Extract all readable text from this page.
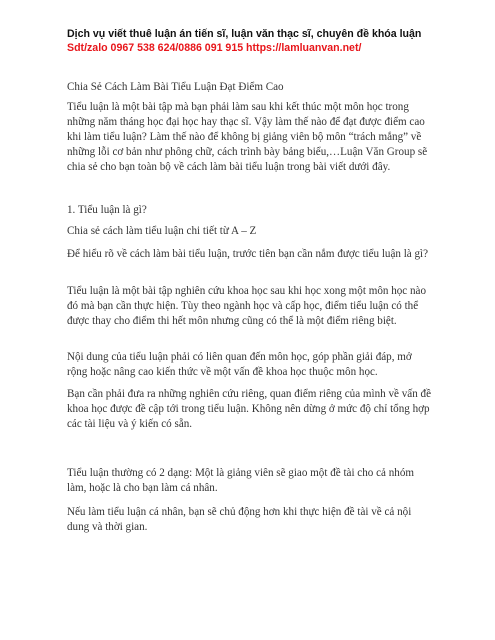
Dịch vụ viết thuê luận án tiến sĩ, luận văn thạc sĩ, chuyên đề khóa luận
Sdt/zalo 0967 538 624/0886 091 915 https://lamluanvan.net/

Chia Sẻ Cách Làm Bài Tiểu Luận Đạt Điểm Cao

Tiểu luận là một bài tập mà bạn phải làm sau khi kết thúc một môn học trong những năm tháng học đại học hay thạc sĩ. Vậy làm thế nào để đạt được điểm cao khi làm tiểu luận? Làm thế nào để không bị giảng viên bộ môn “trách mắng” về những lỗi cơ bản như phông chữ, cách trình bày bảng biểu,…Luận Văn Group sẽ chia sẻ cho bạn toàn bộ về cách làm bài tiểu luận trong bài viết dưới đây.

1. Tiểu luận là gì?

Chia sẻ cách làm tiểu luận chi tiết từ A – Z

Để hiểu rõ về cách làm bài tiểu luận, trước tiên bạn cần nắm được tiểu luận là gì?

Tiểu luận là một bài tập nghiên cứu khoa học sau khi học xong một môn học nào đó mà bạn cần thực hiện. Tùy theo ngành học và cấp học, điểm tiểu luận có thể được thay cho điểm thi hết môn nhưng cũng có thể là một điểm riêng biệt.

Nội dung của tiểu luận phải có liên quan đến môn học, góp phần giải đáp, mở rộng hoặc nâng cao kiến thức về một vấn đề khoa học thuộc môn học.

Bạn cần phải đưa ra những nghiên cứu riêng, quan điểm riêng của mình về vấn đề khoa học được đề cập tới trong tiểu luận. Không nên dừng ở mức độ chỉ tổng hợp các tài liệu và ý kiến có sẵn.

Tiểu luận thường có 2 dạng: Một là giảng viên sẽ giao một đề tài cho cả nhóm làm, hoặc là cho bạn làm cá nhân.

Nếu làm tiểu luận cá nhân, bạn sẽ chủ động hơn khi thực hiện đề tài về cả nội dung và thời gian.
